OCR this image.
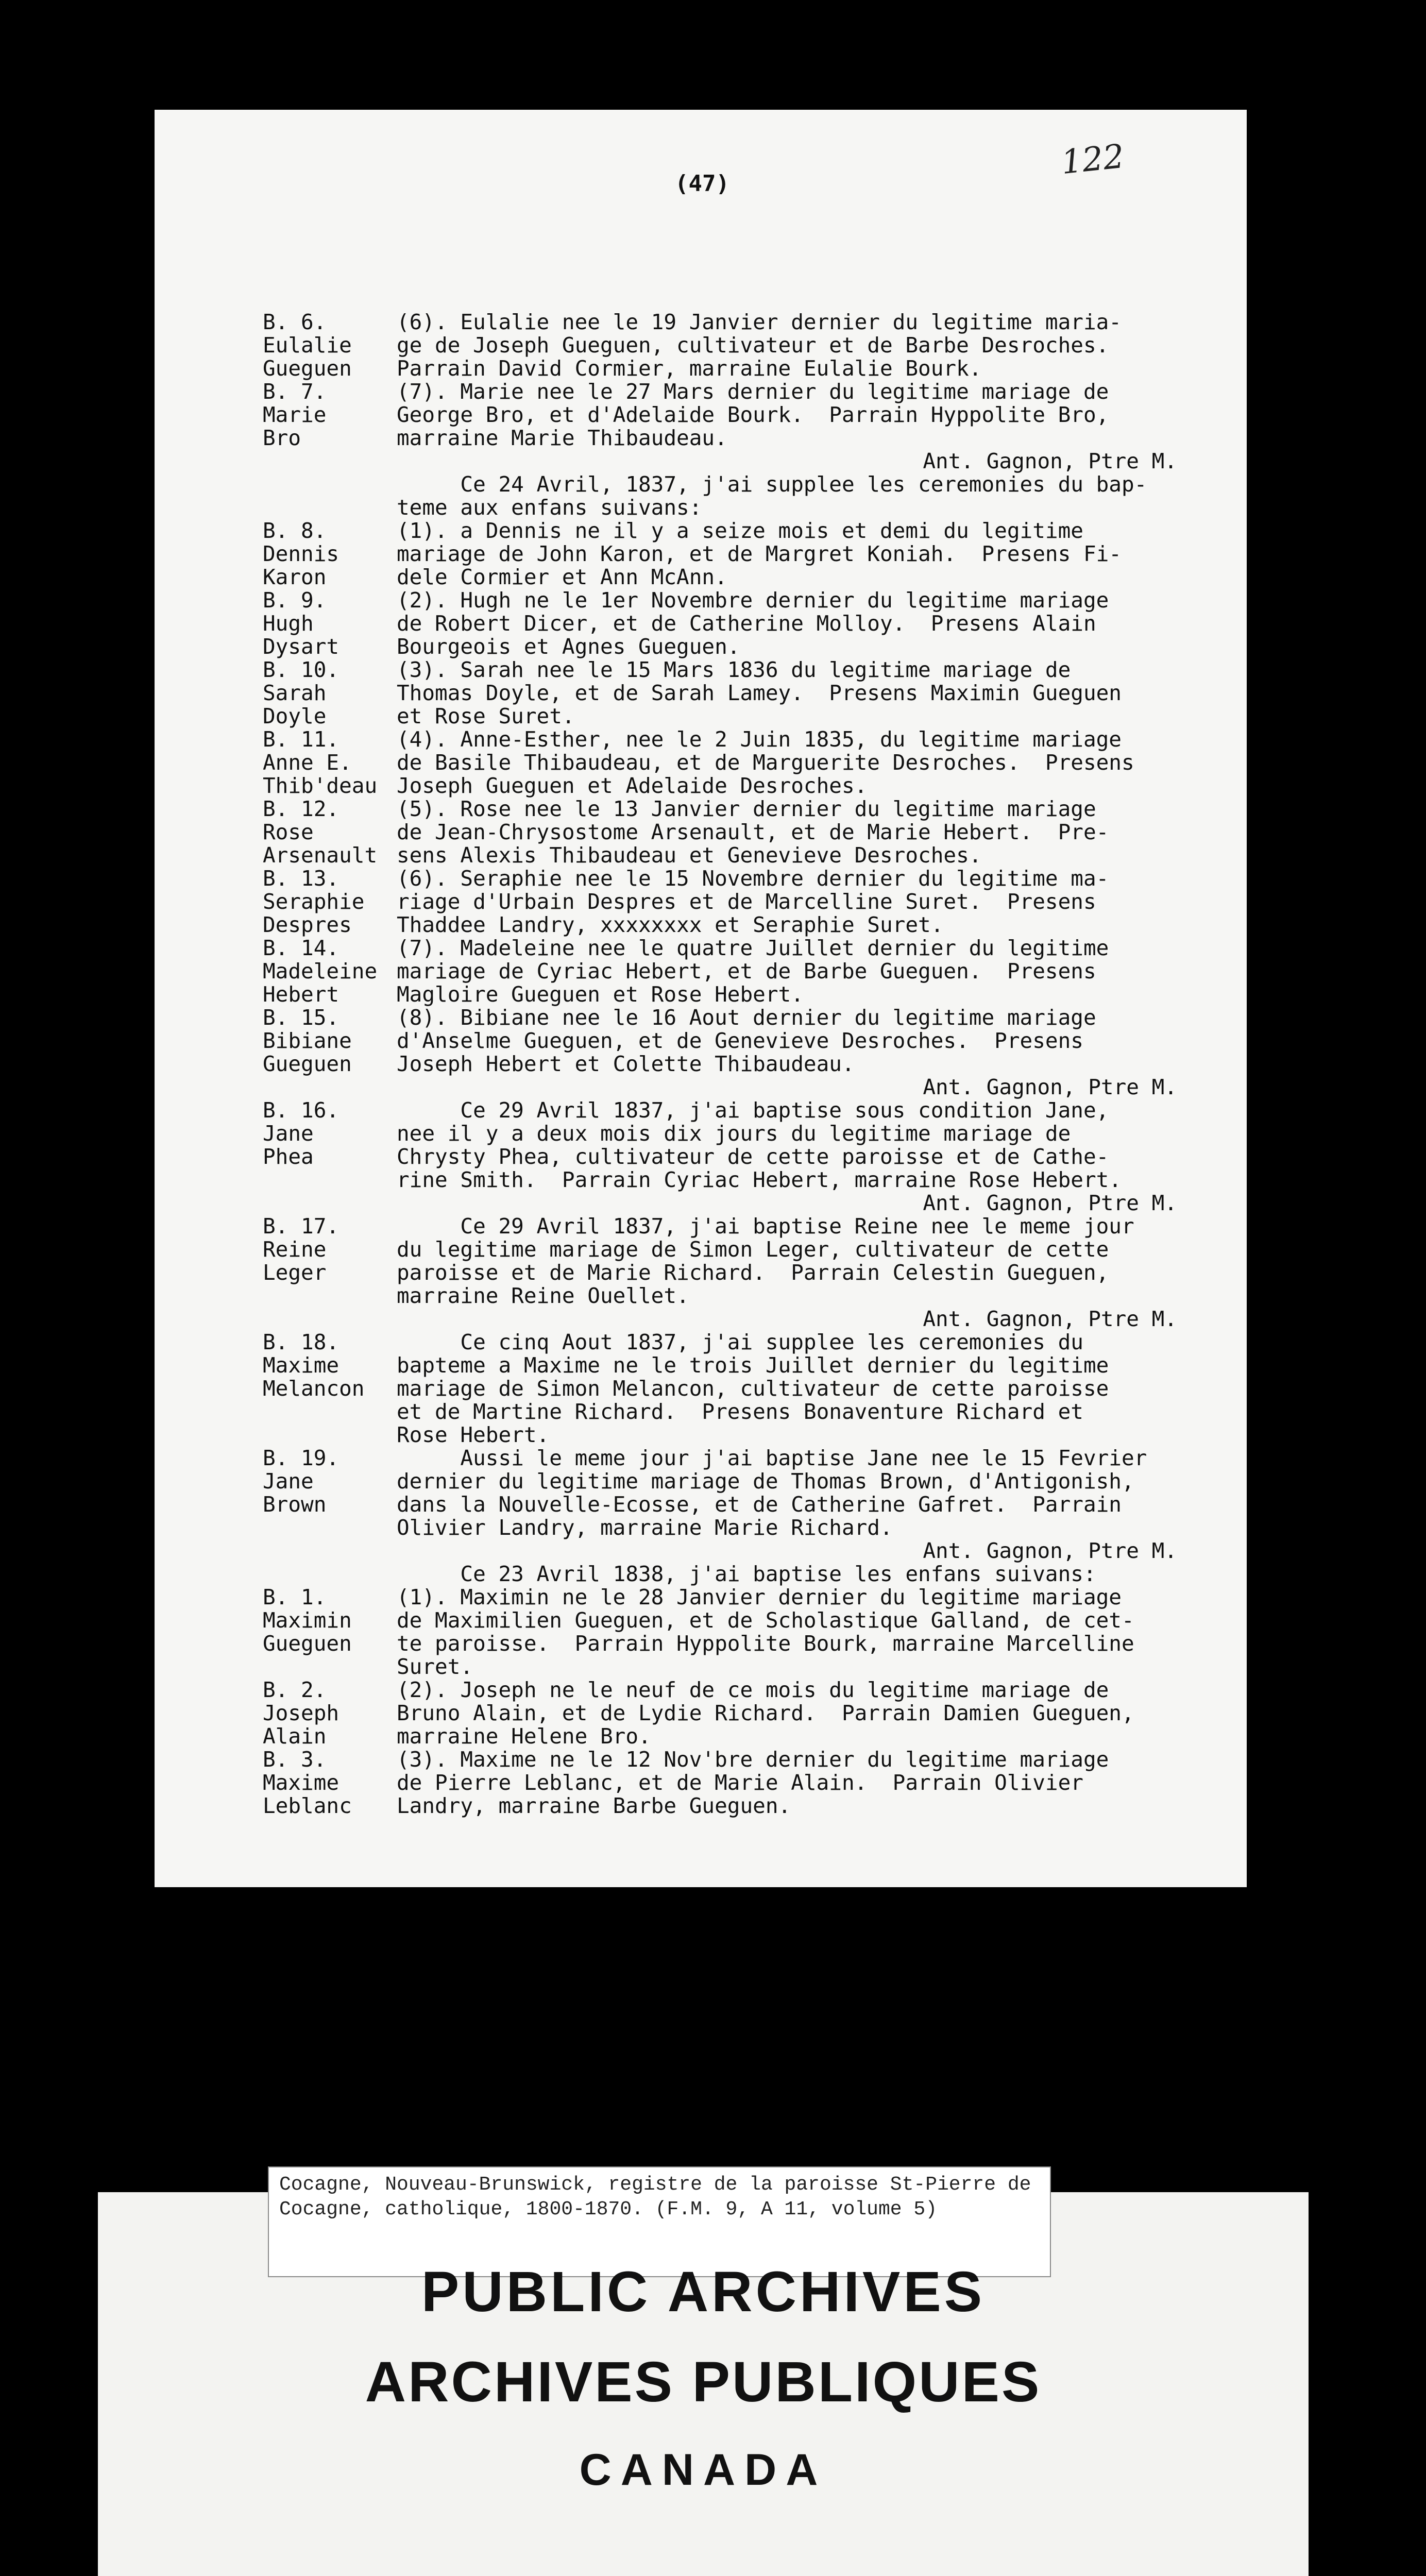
(47)
122
B. 6.
Eulalie
Gueguen
(6). Eulalie nee le 19 Janvier dernier du legitime maria-
ge de Joseph Gueguen, cultivateur et de Barbe Desroches.
Parrain David Cormier, marraine Eulalie Bourk.
B. 7.
Marie
Bro
(7). Marie nee le 27 Mars dernier du legitime mariage de
George Bro, et d'Adelaide Bourk.  Parrain Hyppolite Bro,
marraine Marie Thibaudeau.
Ant. Gagnon, Ptre M.
Ce 24 Avril, 1837, j'ai supplee les ceremonies du bap-
teme aux enfans suivans:
B. 8.
Dennis
Karon
(1). a Dennis ne il y a seize mois et demi du legitime
mariage de John Karon, et de Margret Koniah.  Presens Fi-
dele Cormier et Ann McAnn.
B. 9.
Hugh
Dysart
(2). Hugh ne le 1er Novembre dernier du legitime mariage
de Robert Dicer, et de Catherine Molloy.  Presens Alain
Bourgeois et Agnes Gueguen.
B. 10.
Sarah
Doyle
(3). Sarah nee le 15 Mars 1836 du legitime mariage de
Thomas Doyle, et de Sarah Lamey.  Presens Maximin Gueguen
et Rose Suret.
B. 11.
Anne E.
Thib'deau
(4). Anne-Esther, nee le 2 Juin 1835, du legitime mariage
de Basile Thibaudeau, et de Marguerite Desroches.  Presens
Joseph Gueguen et Adelaide Desroches.
B. 12.
Rose
Arsenault
(5). Rose nee le 13 Janvier dernier du legitime mariage
de Jean-Chrysostome Arsenault, et de Marie Hebert.  Pre-
sens Alexis Thibaudeau et Genevieve Desroches.
B. 13.
Seraphie
Despres
(6). Seraphie nee le 15 Novembre dernier du legitime ma-
riage d'Urbain Despres et de Marcelline Suret.  Presens
Thaddee Landry, xxxxxxxx et Seraphie Suret.
B. 14.
Madeleine
Hebert
(7). Madeleine nee le quatre Juillet dernier du legitime
mariage de Cyriac Hebert, et de Barbe Gueguen.  Presens
Magloire Gueguen et Rose Hebert.
B. 15.
Bibiane
Gueguen
(8). Bibiane nee le 16 Aout dernier du legitime mariage
d'Anselme Gueguen, et de Genevieve Desroches.  Presens
Joseph Hebert et Colette Thibaudeau.
Ant. Gagnon, Ptre M.
B. 16.
Jane
Phea
Ce 29 Avril 1837, j'ai baptise sous condition Jane,
nee il y a deux mois dix jours du legitime mariage de
Chrysty Phea, cultivateur de cette paroisse et de Cathe-
rine Smith.  Parrain Cyriac Hebert, marraine Rose Hebert.
Ant. Gagnon, Ptre M.
B. 17.
Reine
Leger
Ce 29 Avril 1837, j'ai baptise Reine nee le meme jour
du legitime mariage de Simon Leger, cultivateur de cette
paroisse et de Marie Richard.  Parrain Celestin Gueguen,
marraine Reine Ouellet.
Ant. Gagnon, Ptre M.
B. 18.
Maxime
Melancon
Ce cinq Aout 1837, j'ai supplee les ceremonies du
bapteme a Maxime ne le trois Juillet dernier du legitime
mariage de Simon Melancon, cultivateur de cette paroisse
et de Martine Richard.  Presens Bonaventure Richard et
Rose Hebert.
B. 19.
Jane
Brown
Aussi le meme jour j'ai baptise Jane nee le 15 Fevrier
dernier du legitime mariage de Thomas Brown, d'Antigonish,
dans la Nouvelle-Ecosse, et de Catherine Gafret.  Parrain
Olivier Landry, marraine Marie Richard.
Ant. Gagnon, Ptre M.
Ce 23 Avril 1838, j'ai baptise les enfans suivans:
B. 1.
Maximin
Gueguen
(1). Maximin ne le 28 Janvier dernier du legitime mariage
de Maximilien Gueguen, et de Scholastique Galland, de cet-
te paroisse.  Parrain Hyppolite Bourk, marraine Marcelline
Suret.
B. 2.
Joseph
Alain
(2). Joseph ne le neuf de ce mois du legitime mariage de
Bruno Alain, et de Lydie Richard.  Parrain Damien Gueguen,
marraine Helene Bro.
B. 3.
Maxime
Leblanc
(3). Maxime ne le 12 Nov'bre dernier du legitime mariage
de Pierre Leblanc, et de Marie Alain.  Parrain Olivier
Landry, marraine Barbe Gueguen.
Cocagne, Nouveau-Brunswick, registre de la paroisse St-Pierre de Cocagne, catholique, 1800-1870. (F.M. 9, A 11, volume 5)
PUBLIC ARCHIVES
ARCHIVES PUBLIQUES
CANADA
